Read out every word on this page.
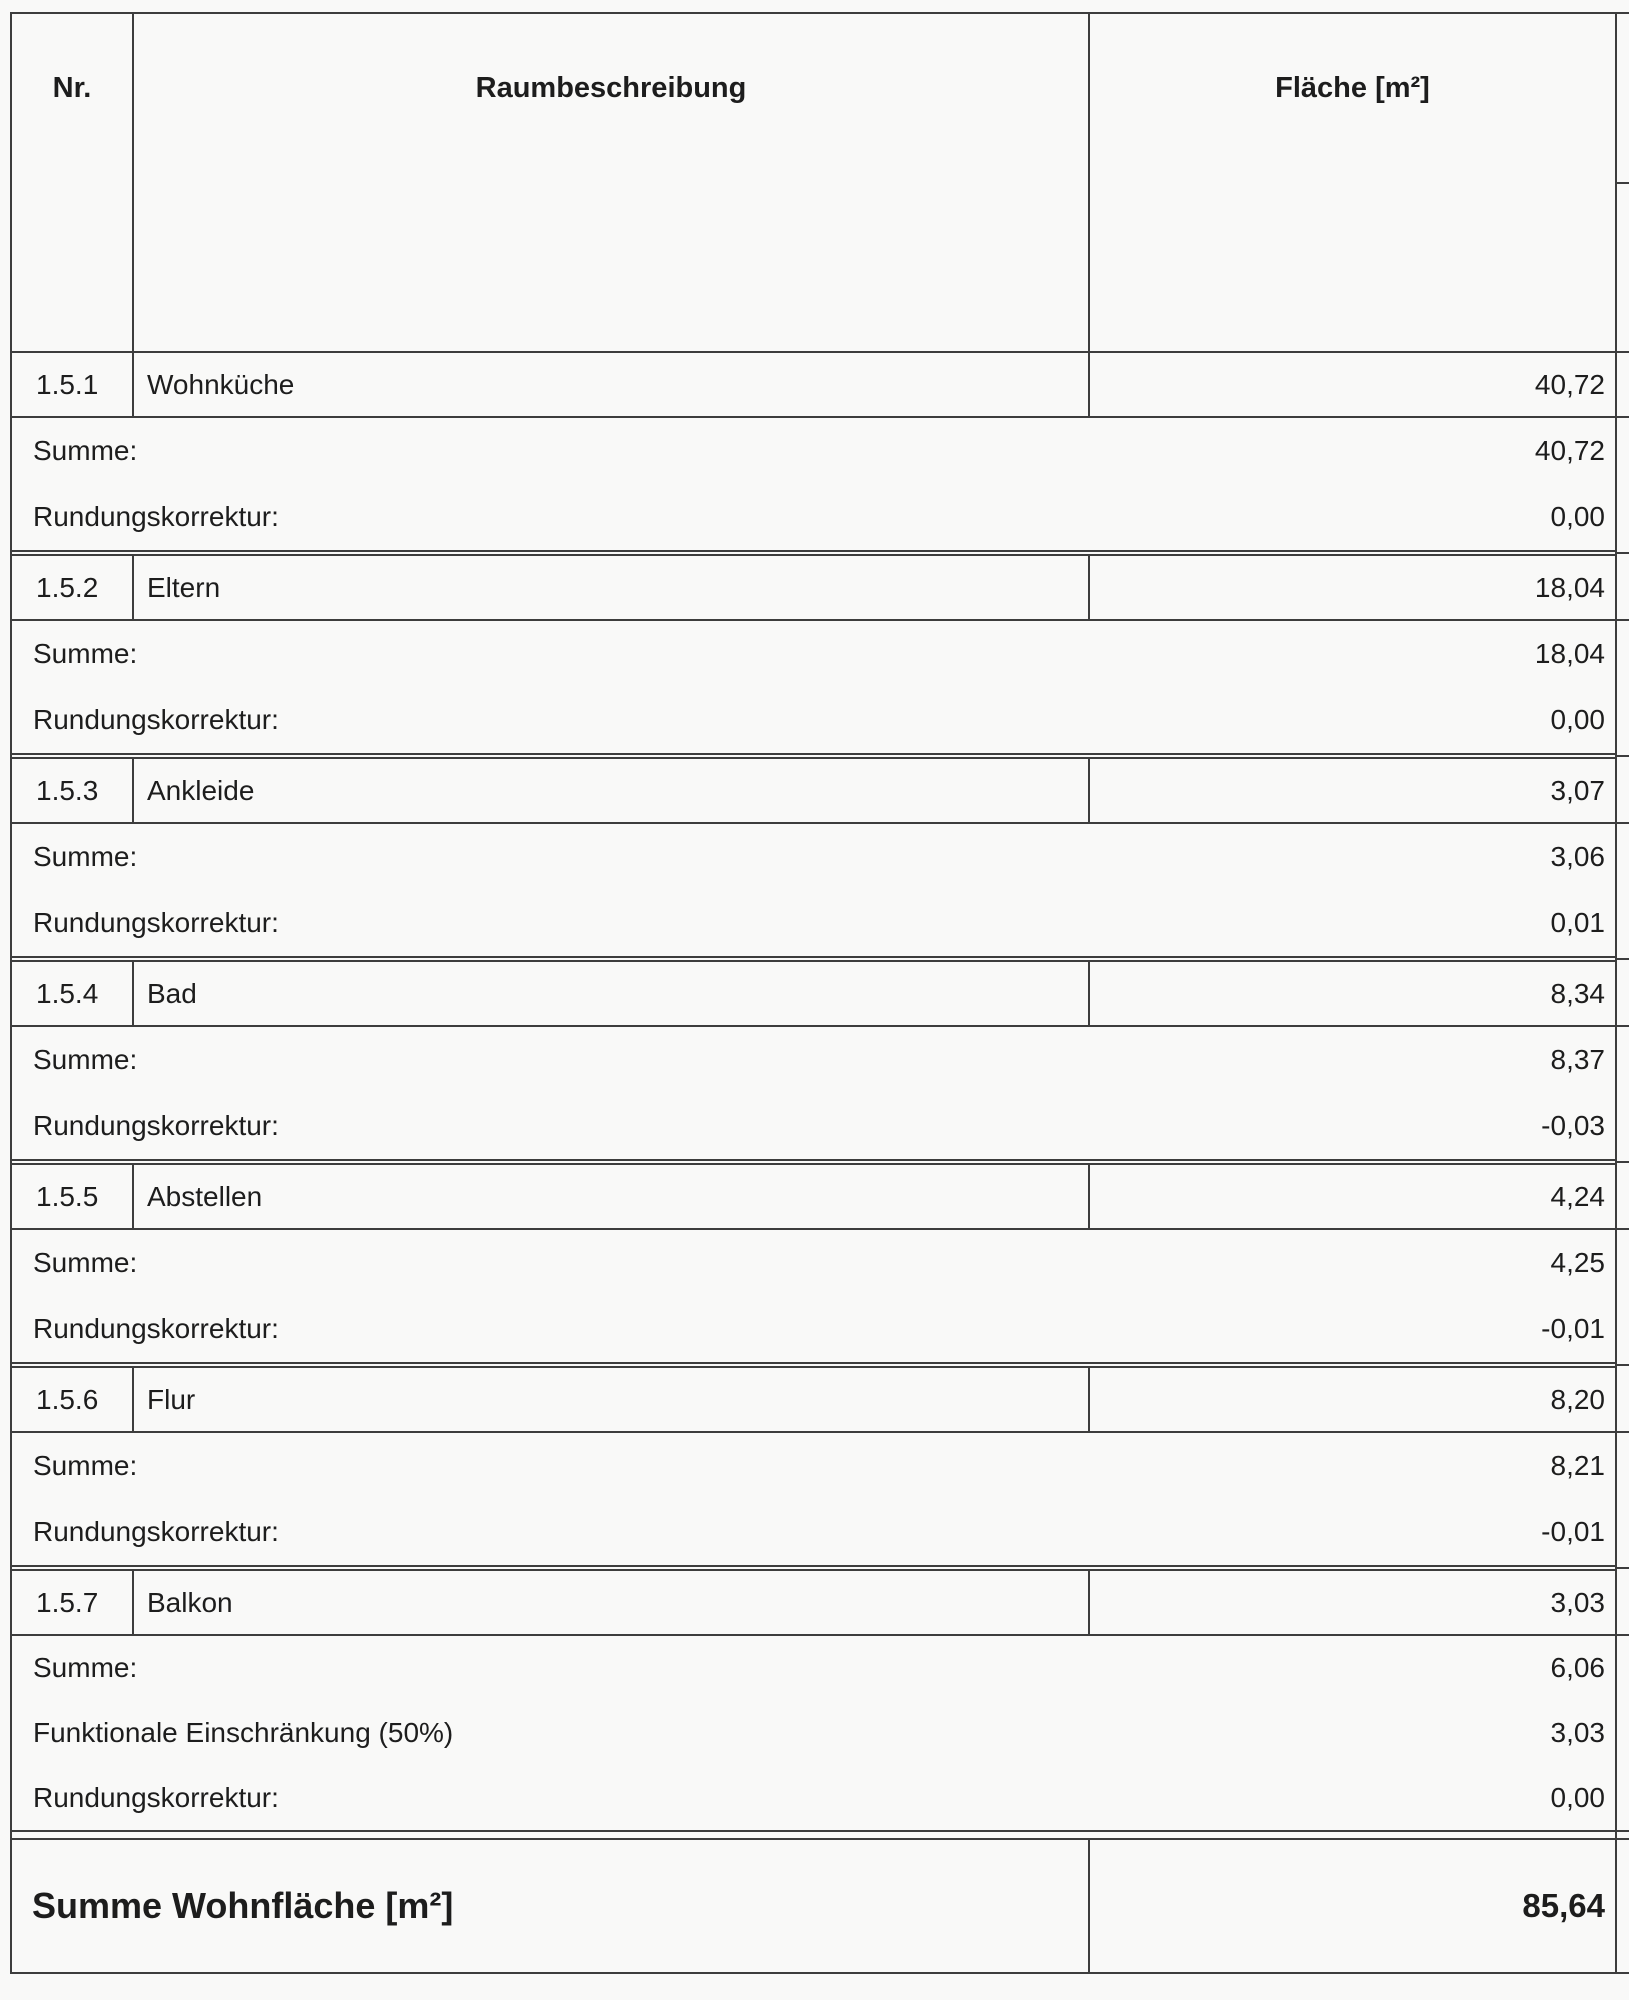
Nr.	Raumbeschreibung	Fläche [m²]
1.5.1	Wohnküche	40,72
Summe:	40,72
Rundungskorrektur:	0,00
1.5.2	Eltern	18,04
Summe:	18,04
Rundungskorrektur:	0,00
1.5.3	Ankleide	3,07
Summe:	3,06
Rundungskorrektur:	0,01
1.5.4	Bad	8,34
Summe:	8,37
Rundungskorrektur:	-0,03
1.5.5	Abstellen	4,24
Summe:	4,25
Rundungskorrektur:	-0,01
1.5.6	Flur	8,20
Summe:	8,21
Rundungskorrektur:	-0,01
1.5.7	Balkon	3,03
Summe:	6,06
Funktionale Einschränkung (50%)	3,03
Rundungskorrektur:	0,00
Summe Wohnfläche [m²]	85,64
